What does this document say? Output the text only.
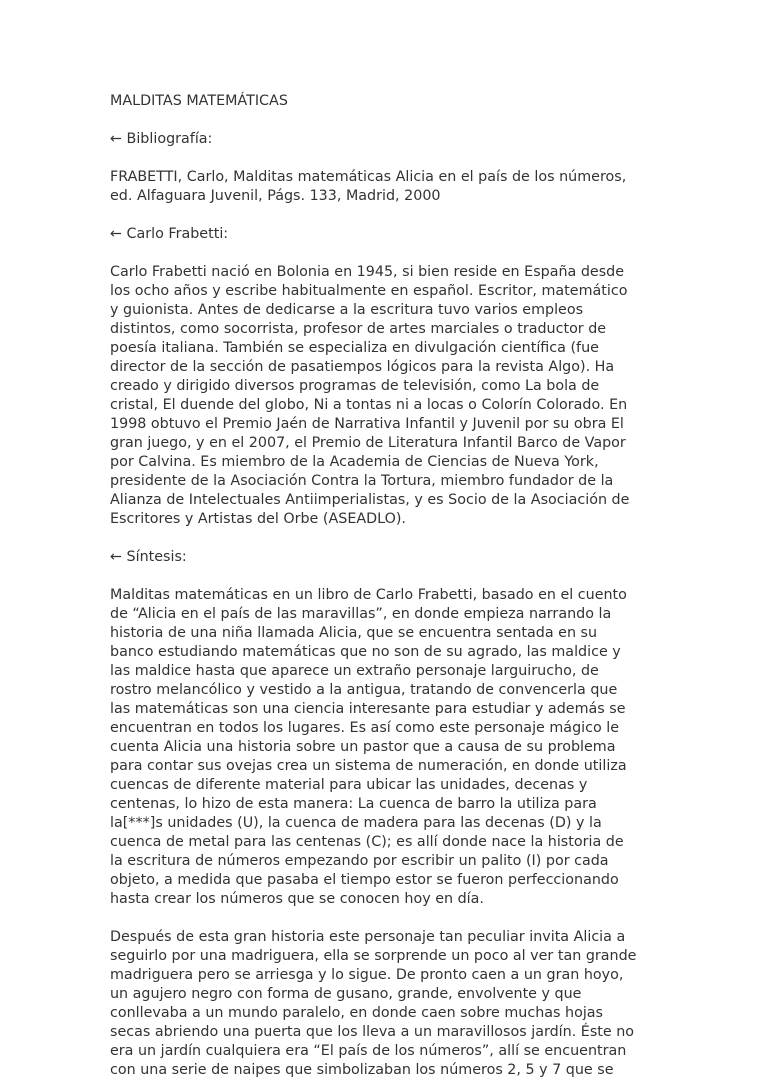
MALDITAS MATEMÁTICAS

← Bibliografía:

FRABETTI, Carlo, Malditas matemáticas Alicia en el país de los números,
ed. Alfaguara Juvenil, Págs. 133, Madrid, 2000

← Carlo Frabetti:

Carlo Frabetti nació en Bolonia en 1945, si bien reside en España desde
los ocho años y escribe habitualmente en español. Escritor, matemático
y guionista. Antes de dedicarse a la escritura tuvo varios empleos
distintos, como socorrista, profesor de artes marciales o traductor de
poesía italiana. También se especializa en divulgación científica (fue
director de la sección de pasatiempos lógicos para la revista Algo). Ha
creado y dirigido diversos programas de televisión, como La bola de
cristal, El duende del globo, Ni a tontas ni a locas o Colorín Colorado. En
1998 obtuvo el Premio Jaén de Narrativa Infantil y Juvenil por su obra El
gran juego, y en el 2007, el Premio de Literatura Infantil Barco de Vapor
por Calvina. Es miembro de la Academia de Ciencias de Nueva York,
presidente de la Asociación Contra la Tortura, miembro fundador de la
Alianza de Intelectuales Antiimperialistas, y es Socio de la Asociación de
Escritores y Artistas del Orbe (ASEADLO).

← Síntesis:

Malditas matemáticas en un libro de Carlo Frabetti, basado en el cuento
de “Alicia en el país de las maravillas”, en donde empieza narrando la
historia de una niña llamada Alicia, que se encuentra sentada en su
banco estudiando matemáticas que no son de su agrado, las maldice y
las maldice hasta que aparece un extraño personaje larguirucho, de
rostro melancólico y vestido a la antigua, tratando de convencerla que
las matemáticas son una ciencia interesante para estudiar y además se
encuentran en todos los lugares. Es así como este personaje mágico le
cuenta Alicia una historia sobre un pastor que a causa de su problema
para contar sus ovejas crea un sistema de numeración, en donde utiliza
cuencas de diferente material para ubicar las unidades, decenas y
centenas, lo hizo de esta manera: La cuenca de barro la utiliza para
la[***]s unidades (U), la cuenca de madera para las decenas (D) y la
cuenca de metal para las centenas (C); es allí donde nace la historia de
la escritura de números empezando por escribir un palito (I) por cada
objeto, a medida que pasaba el tiempo estor se fueron perfeccionando
hasta crear los números que se conocen hoy en día.

Después de esta gran historia este personaje tan peculiar invita Alicia a
seguirlo por una madriguera, ella se sorprende un poco al ver tan grande
madriguera pero se arriesga y lo sigue. De pronto caen a un gran hoyo,
un agujero negro con forma de gusano, grande, envolvente y que
conllevaba a un mundo paralelo, en donde caen sobre muchas hojas
secas abriendo una puerta que los lleva a un maravillosos jardín. Éste no
era un jardín cualquiera era “El país de los números”, allí se encuentran
con una serie de naipes que simbolizaban los números 2, 5 y 7 que se
